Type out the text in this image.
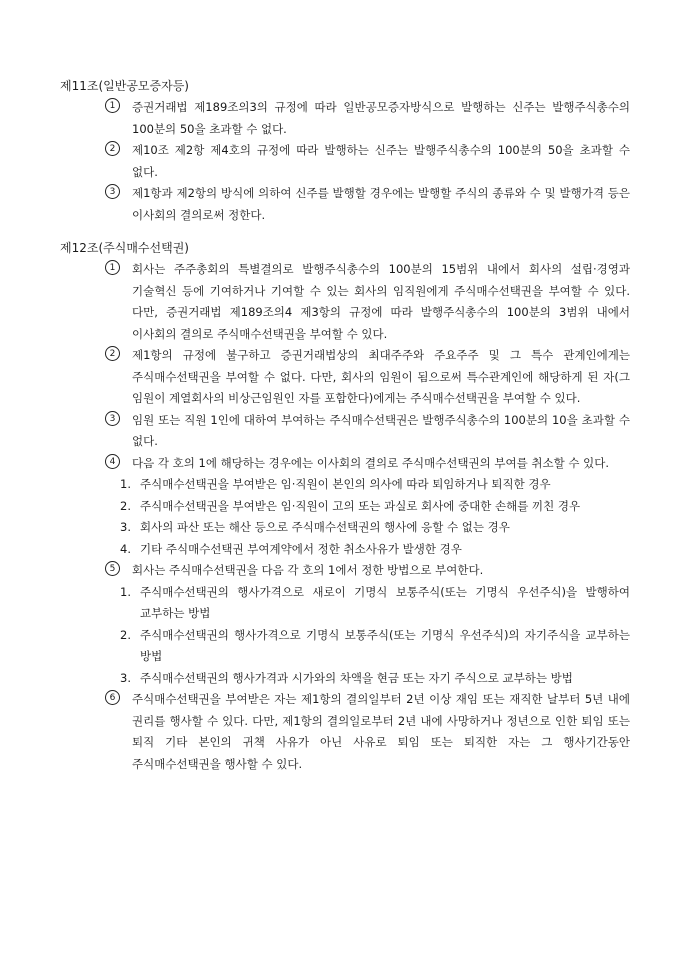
제11조(일반공모증자등)
1	증권거래법 제189조의3의 규정에 따라 일반공모증자방식으로 발행하는 신주는 발행주식총수의 100분의 50을 초과할 수 없다.
2	제10조 제2항 제4호의 규정에 따라 발행하는 신주는 발행주식총수의 100분의 50을 초과할 수 없다.
3	제1항과 제2항의 방식에 의하여 신주를 발행할 경우에는 발행할 주식의 종류와 수 및 발행가격 등은 이사회의 결의로써 정한다.
제12조(주식매수선택권)
1	회사는 주주총회의 특별결의로 발행주식총수의 100분의 15범위 내에서 회사의 설립·경영과 기술혁신 등에 기여하거나 기여할 수 있는 회사의 임직원에게 주식매수선택권을 부여할 수 있다. 다만, 증권거래법 제189조의4 제3항의 규정에 따라 발행주식총수의 100분의 3범위 내에서 이사회의 결의로 주식매수선택권을 부여할 수 있다.
2	제1항의 규정에 불구하고 증권거래법상의 최대주주와 주요주주 및 그 특수 관계인에게는 주식매수선택권을 부여할 수 없다. 다만, 회사의 임원이 됨으로써 특수관계인에 해당하게 된 자(그 임원이 계열회사의 비상근임원인 자를 포함한다)에게는 주식매수선택권을 부여할 수 있다.
3	임원 또는 직원 1인에 대하여 부여하는 주식매수선택권은 발행주식총수의 100분의 10을 초과할 수 없다.
4	다음 각 호의 1에 해당하는 경우에는 이사회의 결의로 주식매수선택권의 부여를 취소할 수 있다.
1. 주식매수선택권을 부여받은 임·직원이 본인의 의사에 따라 퇴임하거나 퇴직한 경우
2. 주식매수선택권을 부여받은 임·직원이 고의 또는 과실로 회사에 중대한 손해를 끼친 경우
3. 회사의 파산 또는 해산 등으로 주식매수선택권의 행사에 응할 수 없는 경우
4. 기타 주식매수선택권 부여계약에서 정한 취소사유가 발생한 경우
5	회사는 주식매수선택권을 다음 각 호의 1에서 정한 방법으로 부여한다.
1. 주식매수선택권의 행사가격으로 새로이 기명식 보통주식(또는 기명식 우선주식)을 발행하여 교부하는 방법
2. 주식매수선택권의 행사가격으로 기명식 보통주식(또는 기명식 우선주식)의 자기주식을 교부하는 방법
3. 주식매수선택권의 행사가격과 시가와의 차액을 현금 또는 자기 주식으로 교부하는 방법
6	주식매수선택권을 부여받은 자는 제1항의 결의일부터 2년 이상 재임 또는 재직한 날부터 5년 내에 권리를 행사할 수 있다. 다만, 제1항의 결의일로부터 2년 내에 사망하거나 정년으로 인한 퇴임 또는 퇴직 기타 본인의 귀책 사유가 아닌 사유로 퇴임 또는 퇴직한 자는 그 행사기간동안 주식매수선택권을 행사할 수 있다.
